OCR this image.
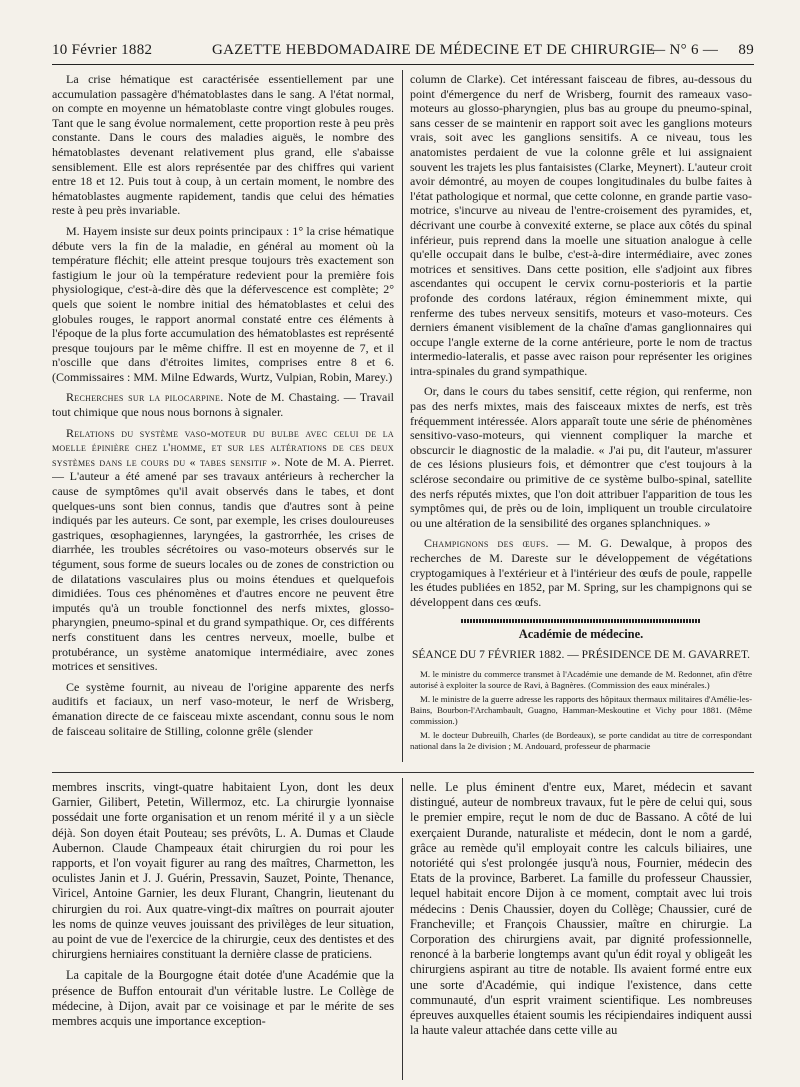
10 Février 1882	GAZETTE HEBDOMADAIRE DE MÉDECINE ET DE CHIRURGIE
— N° 6 — 89

La crise hématique est caractérisée essentiellement par une accumulation passagère d'hématoblastes dans le sang. A l'état normal, on compte en moyenne un hématoblaste contre vingt globules rouges. Tant que le sang évolue normalement, cette proportion reste à peu près constante. Dans le cours des maladies aiguës, le nombre des hématoblastes devenant relativement plus grand, elle s'abaisse sensiblement. Elle est alors représentée par des chiffres qui varient entre 18 et 12. Puis tout à coup, à un certain moment, le nombre des hématoblastes augmente rapidement, tandis que celui des hématies reste à peu près invariable.

M. Hayem insiste sur deux points principaux : 1° la crise hématique débute vers la fin de la maladie, en général au moment où la température fléchit; elle atteint presque toujours très exactement son fastigium le jour où la température redevient pour la première fois physiologique, c'est-à-dire dès que la défervescence est complète; 2° quels que soient le nombre initial des hématoblastes et celui des globules rouges, le rapport anormal constaté entre ces éléments à l'époque de la plus forte accumulation des hématoblastes est représenté presque toujours par le même chiffre. Il est en moyenne de 7, et il n'oscille que dans d'étroites limites, comprises entre 8 et 6. (Commissaires : MM. Milne Edwards, Wurtz, Vulpian, Robin, Marey.)

Recherches sur la pilocarpine. Note de M. Chastaing. — Travail tout chimique que nous nous bornons à signaler.

Relations du système vaso-moteur du bulbe avec celui de la moelle épinière chez l'homme, et sur les altérations de ces deux systèmes dans le cours du « tabes sensitif ». Note de M. A. Pierret. — L'auteur a été amené par ses travaux antérieurs à rechercher la cause de symptômes qu'il avait observés dans le tabes, et dont quelques-uns sont bien connus, tandis que d'autres sont à peine indiqués par les auteurs. Ce sont, par exemple, les crises douloureuses gastriques, œsophagiennes, laryngées, la gastrorrhée, les crises de diarrhée, les troubles sécrétoires ou vaso-moteurs observés sur le tégument, sous forme de sueurs locales ou de zones de constriction ou de dilatations vasculaires plus ou moins étendues et quelquefois dimidiées. Tous ces phénomènes et d'autres encore ne peuvent être imputés qu'à un trouble fonctionnel des nerfs mixtes, glosso-pharyngien, pneumo-spinal et du grand sympathique. Or, ces différents nerfs constituent dans les centres nerveux, moelle, bulbe et protubérance, un système anatomique intermédiaire, avec zones motrices et sensitives.

Ce système fournit, au niveau de l'origine apparente des nerfs auditifs et faciaux, un nerf vaso-moteur, le nerf de Wrisberg, émanation directe de ce faisceau mixte ascendant, connu sous le nom de faisceau solitaire de Stilling, colonne grêle (slender

column de Clarke). Cet intéressant faisceau de fibres, au-dessous du point d'émergence du nerf de Wrisberg, fournit des rameaux vaso-moteurs au glosso-pharyngien, plus bas au groupe du pneumo-spinal, sans cesser de se maintenir en rapport soit avec les ganglions moteurs vrais, soit avec les ganglions sensitifs. A ce niveau, tous les anatomistes perdaient de vue la colonne grêle et lui assignaient souvent les trajets les plus fantaisistes (Clarke, Meynert). L'auteur croit avoir démontré, au moyen de coupes longitudinales du bulbe faites à l'état pathologique et normal, que cette colonne, en grande partie vaso-motrice, s'incurve au niveau de l'entre-croisement des pyramides, et, décrivant une courbe à convexité externe, se place aux côtés du spinal inférieur, puis reprend dans la moelle une situation analogue à celle qu'elle occupait dans le bulbe, c'est-à-dire intermédiaire, avec zones motrices et sensitives. Dans cette position, elle s'adjoint aux fibres ascendantes qui occupent le cervix cornu-posterioris et la partie profonde des cordons latéraux, région éminemment mixte, qui renferme des tubes nerveux sensitifs, moteurs et vaso-moteurs. Ces derniers émanent visiblement de la chaîne d'amas ganglionnaires qui occupe l'angle externe de la corne antérieure, porte le nom de tractus intermedio-lateralis, et passe avec raison pour représenter les origines intra-spinales du grand sympathique.

Or, dans le cours du tabes sensitif, cette région, qui renferme, non pas des nerfs mixtes, mais des faisceaux mixtes de nerfs, est très fréquemment intéressée. Alors apparaît toute une série de phénomènes sensitivo-vaso-moteurs, qui viennent compliquer la marche et obscurcir le diagnostic de la maladie. « J'ai pu, dit l'auteur, m'assurer de ces lésions plusieurs fois, et démontrer que c'est toujours à la sclérose secondaire ou primitive de ce système bulbo-spinal, satellite des nerfs réputés mixtes, que l'on doit attribuer l'apparition de tous les symptômes qui, de près ou de loin, impliquent un trouble circulatoire ou une altération de la sensibilité des organes splanchniques. »

Champignons des œufs. — M. G. Dewalque, à propos des recherches de M. Dareste sur le développement de végétations cryptogamiques à l'extérieur et à l'intérieur des œufs de poule, rappelle les études publiées en 1852, par M. Spring, sur les champignons qui se développent dans ces œufs.

Académie de médecine.

SÉANCE DU 7 FÉVRIER 1882. — PRÉSIDENCE DE M. GAVARRET.

M. le ministre du commerce transmet à l'Académie une demande de M. Redonnet, afin d'être autorisé à exploiter la source de Ravi, à Bagnères. (Commission des eaux minérales.)

M. le ministre de la guerre adresse les rapports des hôpitaux thermaux militaires d'Amélie-les-Bains, Bourbon-l'Archambault, Guagno, Hamman-Meskoutine et Vichy pour 1881. (Même commission.)

M. le docteur Dubreuilh, Charles (de Bordeaux), se porte candidat au titre de correspondant national dans la 2e division ; M. Andouard, professeur de pharmacie

membres inscrits, vingt-quatre habitaient Lyon, dont les deux Garnier, Gilibert, Petetin, Willermoz, etc. La chirurgie lyonnaise possédait une forte organisation et un renom mérité il y a un siècle déjà. Son doyen était Pouteau; ses prévôts, L. A. Dumas et Claude Aubernon. Claude Champeaux était chirurgien du roi pour les rapports, et l'on voyait figurer au rang des maîtres, Charmetton, les oculistes Janin et J. J. Guérin, Pressavin, Sauzet, Pointe, Thenance, Viricel, Antoine Garnier, les deux Flurant, Changrin, lieutenant du chirurgien du roi. Aux quatre-vingt-dix maîtres on pourrait ajouter les noms de quinze veuves jouissant des privilèges de leur situation, au point de vue de l'exercice de la chirurgie, ceux des dentistes et des chirurgiens herniaires constituant la dernière classe de praticiens.

La capitale de la Bourgogne était dotée d'une Académie que la présence de Buffon entourait d'un véritable lustre. Le Collège de médecine, à Dijon, avait par ce voisinage et par le mérite de ses membres acquis une importance exception-

nelle. Le plus éminent d'entre eux, Maret, médecin et savant distingué, auteur de nombreux travaux, fut le père de celui qui, sous le premier empire, reçut le nom de duc de Bassano. A côté de lui exerçaient Durande, naturaliste et médecin, dont le nom a gardé, grâce au remède qu'il employait contre les calculs biliaires, une notoriété qui s'est prolongée jusqu'à nous, Fournier, médecin des Etats de la province, Barberet. La famille du professeur Chaussier, lequel habitait encore Dijon à ce moment, comptait avec lui trois médecins : Denis Chaussier, doyen du Collège; Chaussier, curé de Francheville; et François Chaussier, maître en chirurgie. La Corporation des chirurgiens avait, par dignité professionnelle, renoncé à la barberie longtemps avant qu'un édit royal y obligeât les chirurgiens aspirant au titre de notable. Ils avaient formé entre eux une sorte d'Académie, qui indique l'existence, dans cette communauté, d'un esprit vraiment scientifique. Les nombreuses épreuves auxquelles étaient soumis les récipiendaires indiquent aussi la haute valeur attachée dans cette ville au
